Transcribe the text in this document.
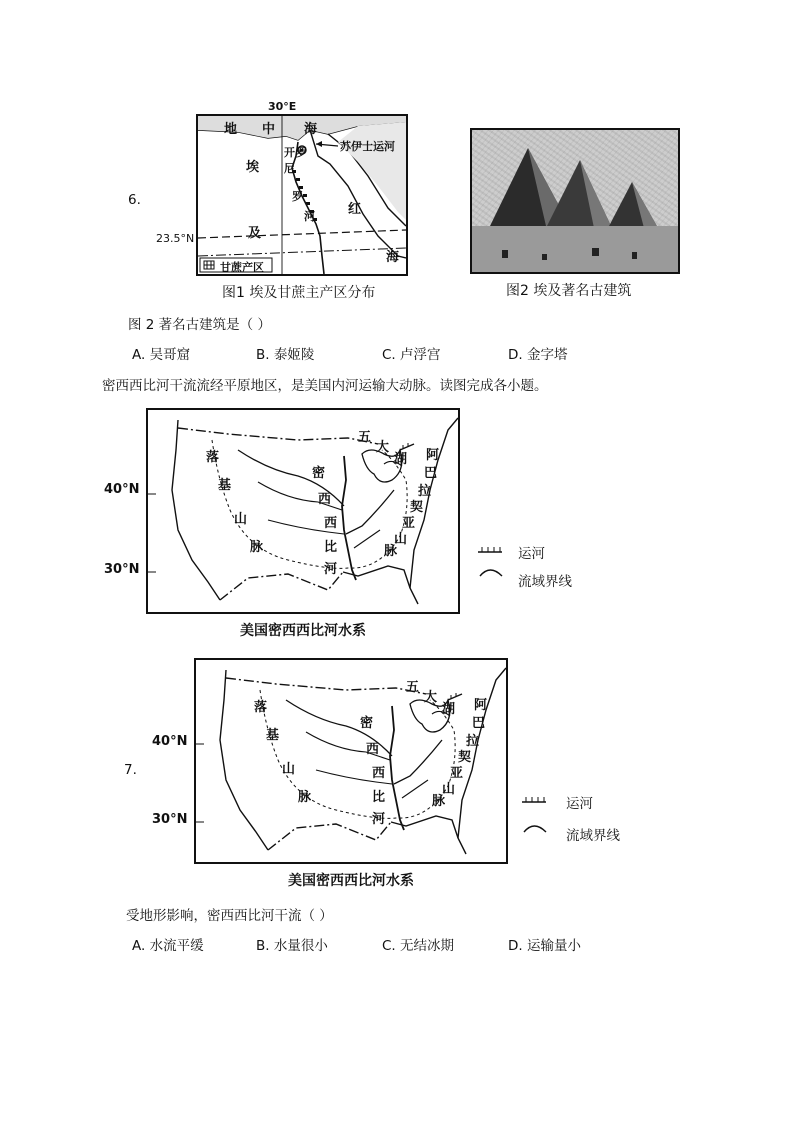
6.
30°E
23.5°N
地 中 海
苏伊士运河
开 罗
埃
及
尼
罗
河	红
海
甘蔗产区
图1 埃及甘蔗主产区分布	图2 埃及著名古建筑
图 2 著名古建筑是（ ）
A. 吴哥窟	B. 泰姬陵	C. 卢浮宫	D. 金字塔
密西西比河干流流经平原地区，是美国内河运输大动脉。读图完成各小题。
40°N
30°N
落
基
山
脉
五
大
湖 阿
巴
拉
契
亚
山
脉
密
西
西
比
河
运河
流域界线
美国密西西比河水系
7.
40°N
30°N
落
基
山
脉
五
大
湖 阿
巴
拉
契
亚
山
脉
密
西
西
比
河
运河
流域界线
美国密西西比河水系
受地形影响，密西西比河干流（ ）
A. 水流平缓	B. 水量很小	C. 无结冰期	D. 运输量小
